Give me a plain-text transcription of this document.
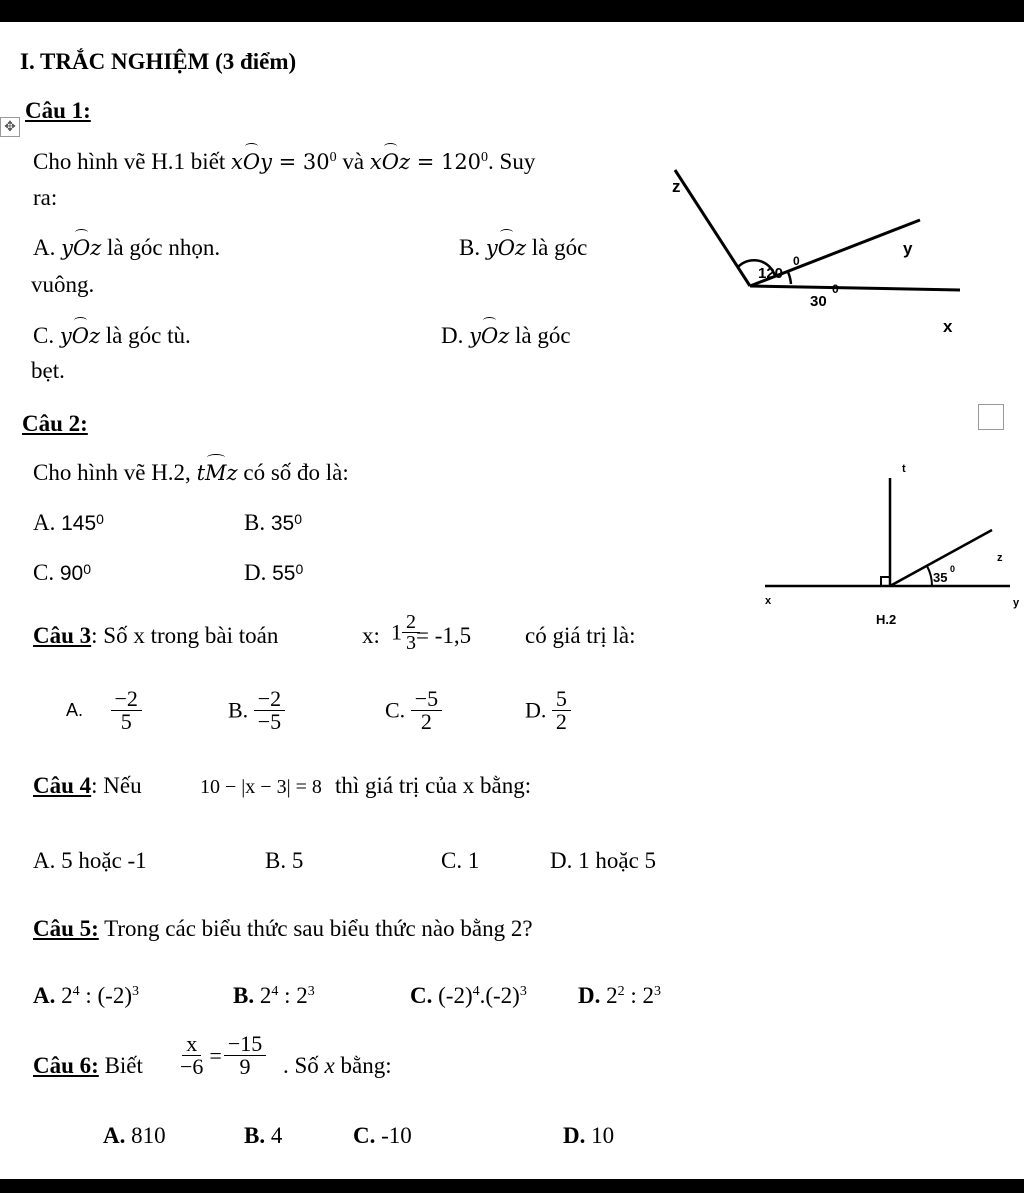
I. TRẮC NGHIỆM (3 điểm)
✥
Câu 1:
Cho hình vẽ H.1 biết xOy = $30^0$ và xOz = $120^0$. Suy
ra:
A. yOz là góc nhọn.	B. yOz là góc
vuông.
C. yOz là góc tù.	D. yOz là góc
bẹt.
z
y
x
120
0
30
0
Câu 2:
Cho hình vẽ H.2, tMz có số đo là:
A. $145^0$	B. $35^0$
C. $90^0$	D. $55^0$
t
z
x	y
35
0
H.2
Câu 3: Số x trong bài toán	x: $1 \frac{2}{3}$
= -1,5 có giá trị là:
A. $\frac{-2}{5}$	B. $\frac{-2}{-5}$	C. $\frac{-5}{2}$	D. $\frac{5}{2}$
Câu 4: Nếu	10 − |x − 3| = 8 thì giá trị của x bằng:
A. 5 hoặc -1	B. 5	C. 1	D. 1 hoặc 5
Câu 5: Trong các biểu thức sau biểu thức nào bằng 2?
A. $2^4$ : $(-2)^3$	B. $2^4$ : $2^3$	C. $(-2)^4.(-2)^3$ D. $2^2$ : $2^3$
Câu 6: Biết $\frac{x}{-6} = \frac{-15}{9}$ . Số x bằng:
A. 810	B. 4	C. -10	D. 10
